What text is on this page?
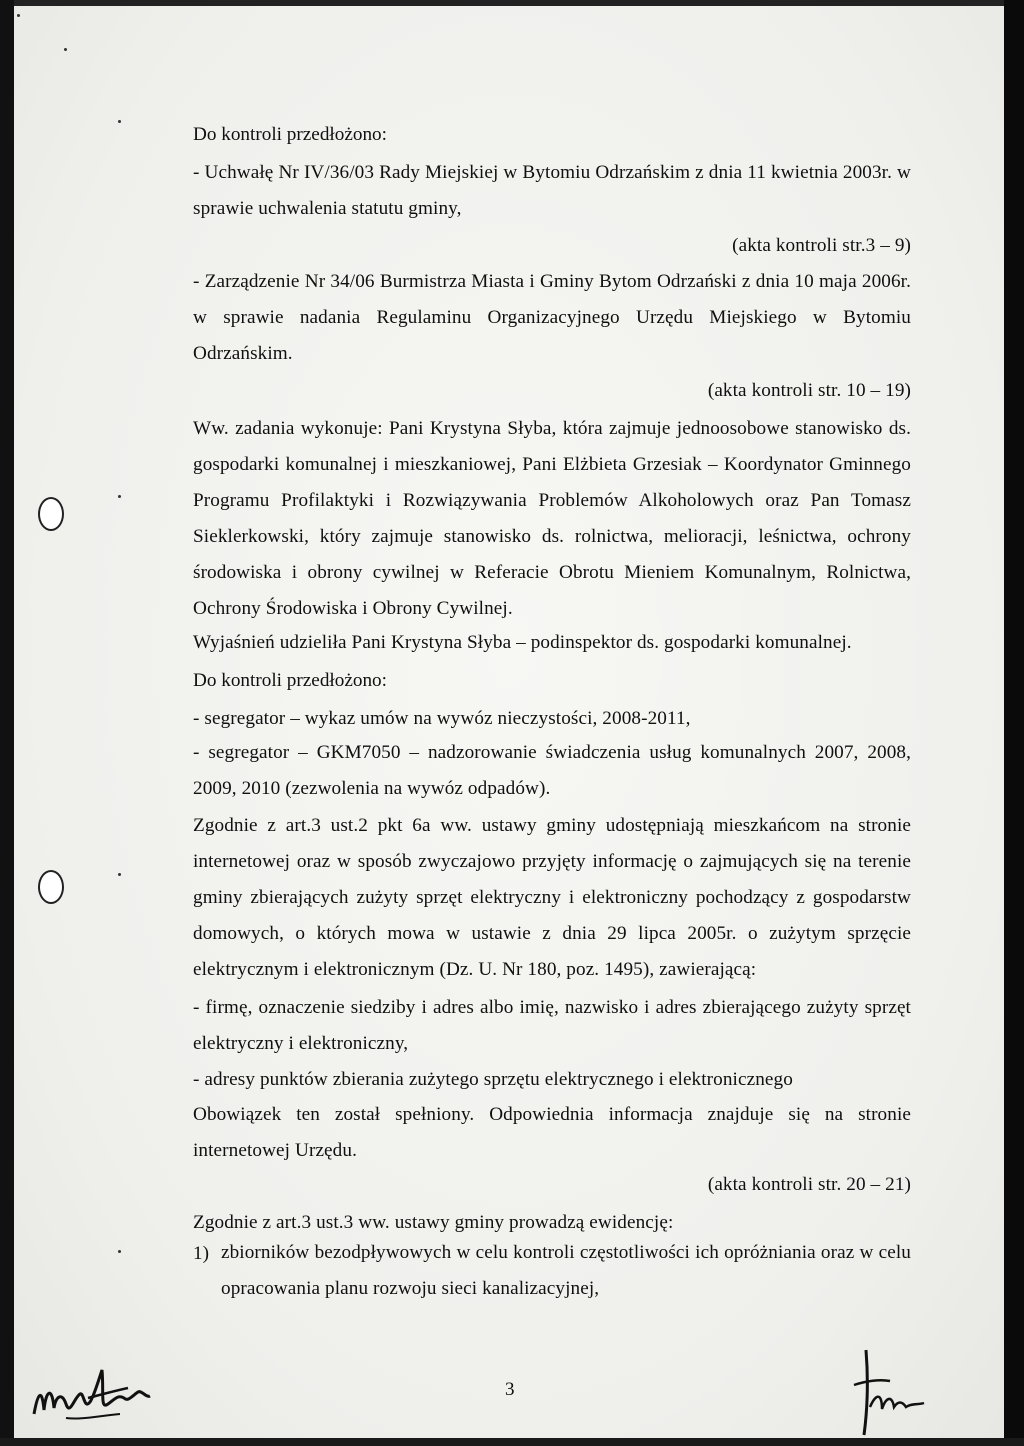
Do kontroli przedłożono:
- Uchwałę Nr IV/36/03 Rady Miejskiej w Bytomiu Odrzańskim z dnia 11 kwietnia 2003r. w sprawie uchwalenia statutu gminy,
(akta kontroli str.3 – 9)
- Zarządzenie Nr 34/06 Burmistrza Miasta i Gminy Bytom Odrzański z dnia 10 maja 2006r. w sprawie nadania Regulaminu Organizacyjnego Urzędu Miejskiego w Bytomiu Odrzańskim.
(akta kontroli str. 10 – 19)
Ww. zadania wykonuje: Pani Krystyna Słyba, która zajmuje jednoosobowe stanowisko ds. gospodarki komunalnej i mieszkaniowej, Pani Elżbieta Grzesiak – Koordynator Gminnego Programu Profilaktyki i Rozwiązywania Problemów Alkoholowych oraz Pan Tomasz Sieklerkowski, który zajmuje stanowisko ds. rolnictwa, melioracji, leśnictwa, ochrony środowiska i obrony cywilnej w Referacie Obrotu Mieniem Komunalnym, Rolnictwa, Ochrony Środowiska i Obrony Cywilnej.
Wyjaśnień udzieliła Pani Krystyna Słyba – podinspektor ds. gospodarki komunalnej.
Do kontroli przedłożono:
- segregator – wykaz umów na wywóz nieczystości, 2008-2011,
- segregator – GKM7050 – nadzorowanie świadczenia usług komunalnych 2007, 2008, 2009, 2010 (zezwolenia na wywóz odpadów).
Zgodnie z art.3 ust.2 pkt 6a ww. ustawy gminy udostępniają mieszkańcom na stronie internetowej oraz w sposób zwyczajowo przyjęty informację o zajmujących się na terenie gminy zbierających zużyty sprzęt elektryczny i elektroniczny pochodzący z gospodarstw domowych, o których mowa w ustawie z dnia 29 lipca 2005r. o zużytym sprzęcie elektrycznym i elektronicznym (Dz. U. Nr 180, poz. 1495), zawierającą:
- firmę, oznaczenie siedziby i adres albo imię, nazwisko i adres zbierającego zużyty sprzęt elektryczny i elektroniczny,
- adresy punktów zbierania zużytego sprzętu elektrycznego i elektronicznego
Obowiązek ten został spełniony. Odpowiednia informacja znajduje się na stronie internetowej Urzędu.
(akta kontroli str. 20 – 21)
Zgodnie z art.3 ust.3 ww. ustawy gminy prowadzą ewidencję:
1) zbiorników bezodpływowych w celu kontroli częstotliwości ich opróżniania oraz w celu opracowania planu rozwoju sieci kanalizacyjnej,
3
